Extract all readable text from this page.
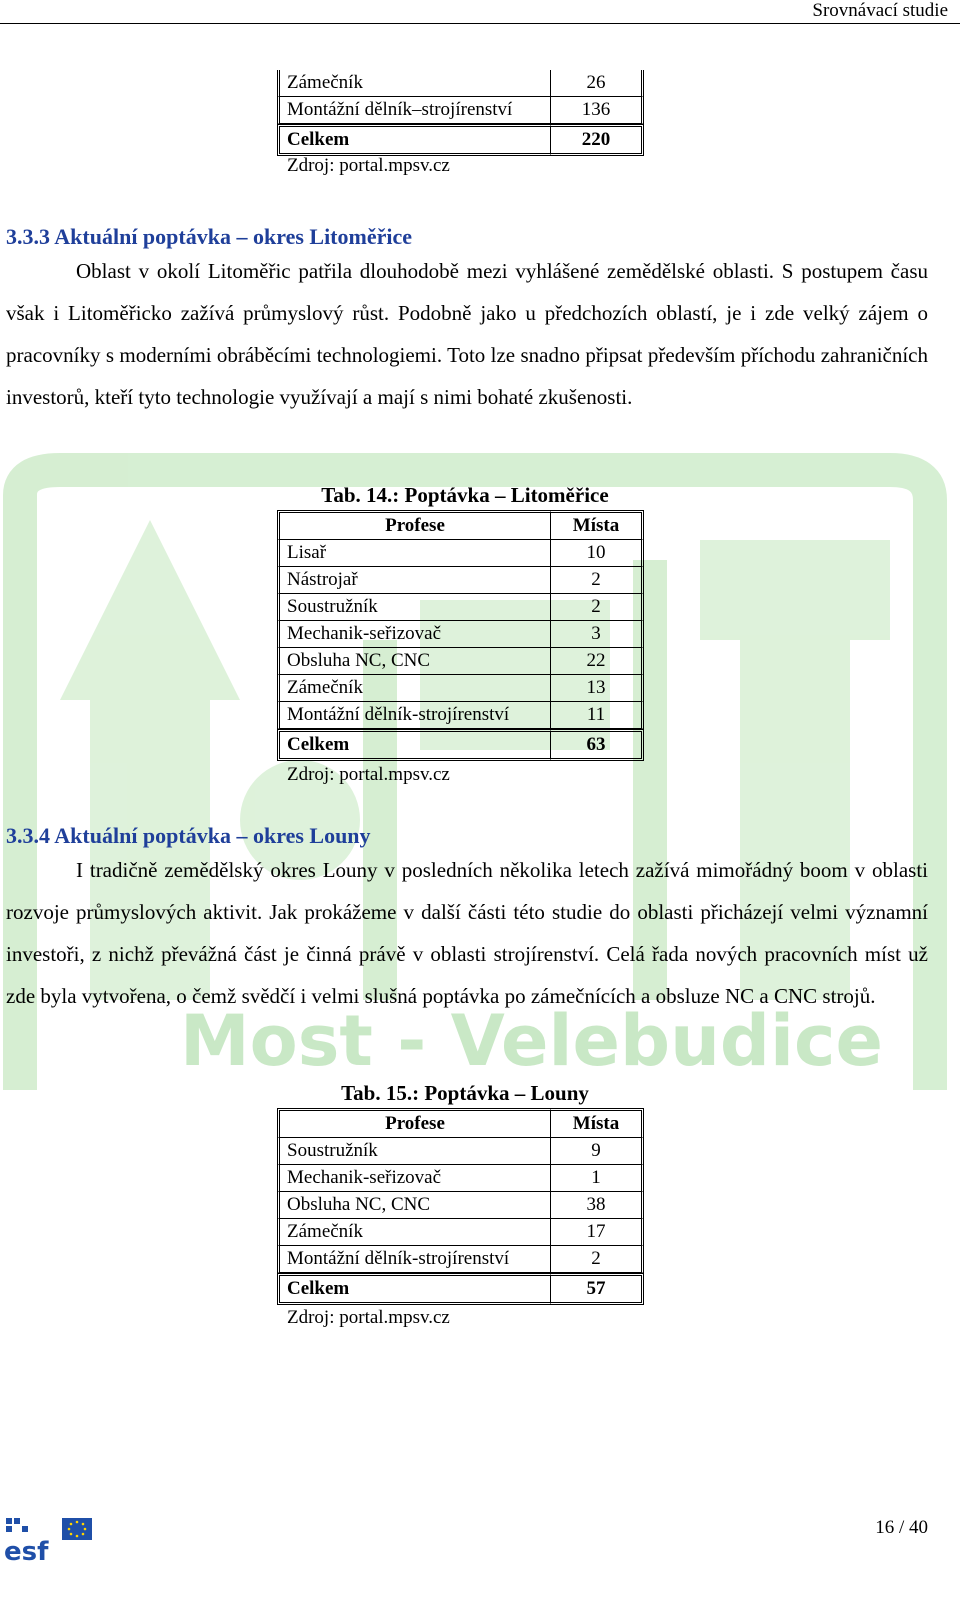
Most - Velebudice
Srovnávací studie
Zámečník	26
Montážní dělník–strojírenství	136
Celkem	220
Zdroj: portal.mpsv.cz
3.3.3 Aktuální poptávka – okres Litoměřice
Oblast v okolí Litoměřic patřila dlouhodobě mezi vyhlášené zemědělské oblasti. S postupem času však i Litoměřicko zažívá průmyslový růst. Podobně jako u předchozích oblastí, je i zde velký zájem o pracovníky s moderními obráběcími technologiemi. Toto lze snadno připsat především příchodu zahraničních investorů, kteří tyto technologie využívají a mají s nimi bohaté zkušenosti.
Tab. 14.: Poptávka – Litoměřice
Profese	Místa
Lisař	10
Nástrojař	2
Soustružník	2
Mechanik-seřizovač	3
Obsluha NC, CNC	22
Zámečník	13
Montážní dělník-strojírenství	11
Celkem	63
Zdroj: portal.mpsv.cz
3.3.4 Aktuální poptávka – okres Louny
I tradičně zemědělský okres Louny v posledních několika letech zažívá mimořádný boom v oblasti rozvoje průmyslových aktivit. Jak prokážeme v další části této studie do oblasti přicházejí velmi významní investoři, z nichž převážná část je činná právě v oblasti strojírenství. Celá řada nových pracovních míst už zde byla vytvořena, o čemž svědčí i velmi slušná poptávka po zámečnících a obsluze NC a CNC strojů.
Tab. 15.: Poptávka – Louny
Profese	Místa
Soustružník	9
Mechanik-seřizovač	1
Obsluha NC, CNC	38
Zámečník	17
Montážní dělník-strojírenství	2
Celkem	57
Zdroj: portal.mpsv.cz
esf
16 / 40
